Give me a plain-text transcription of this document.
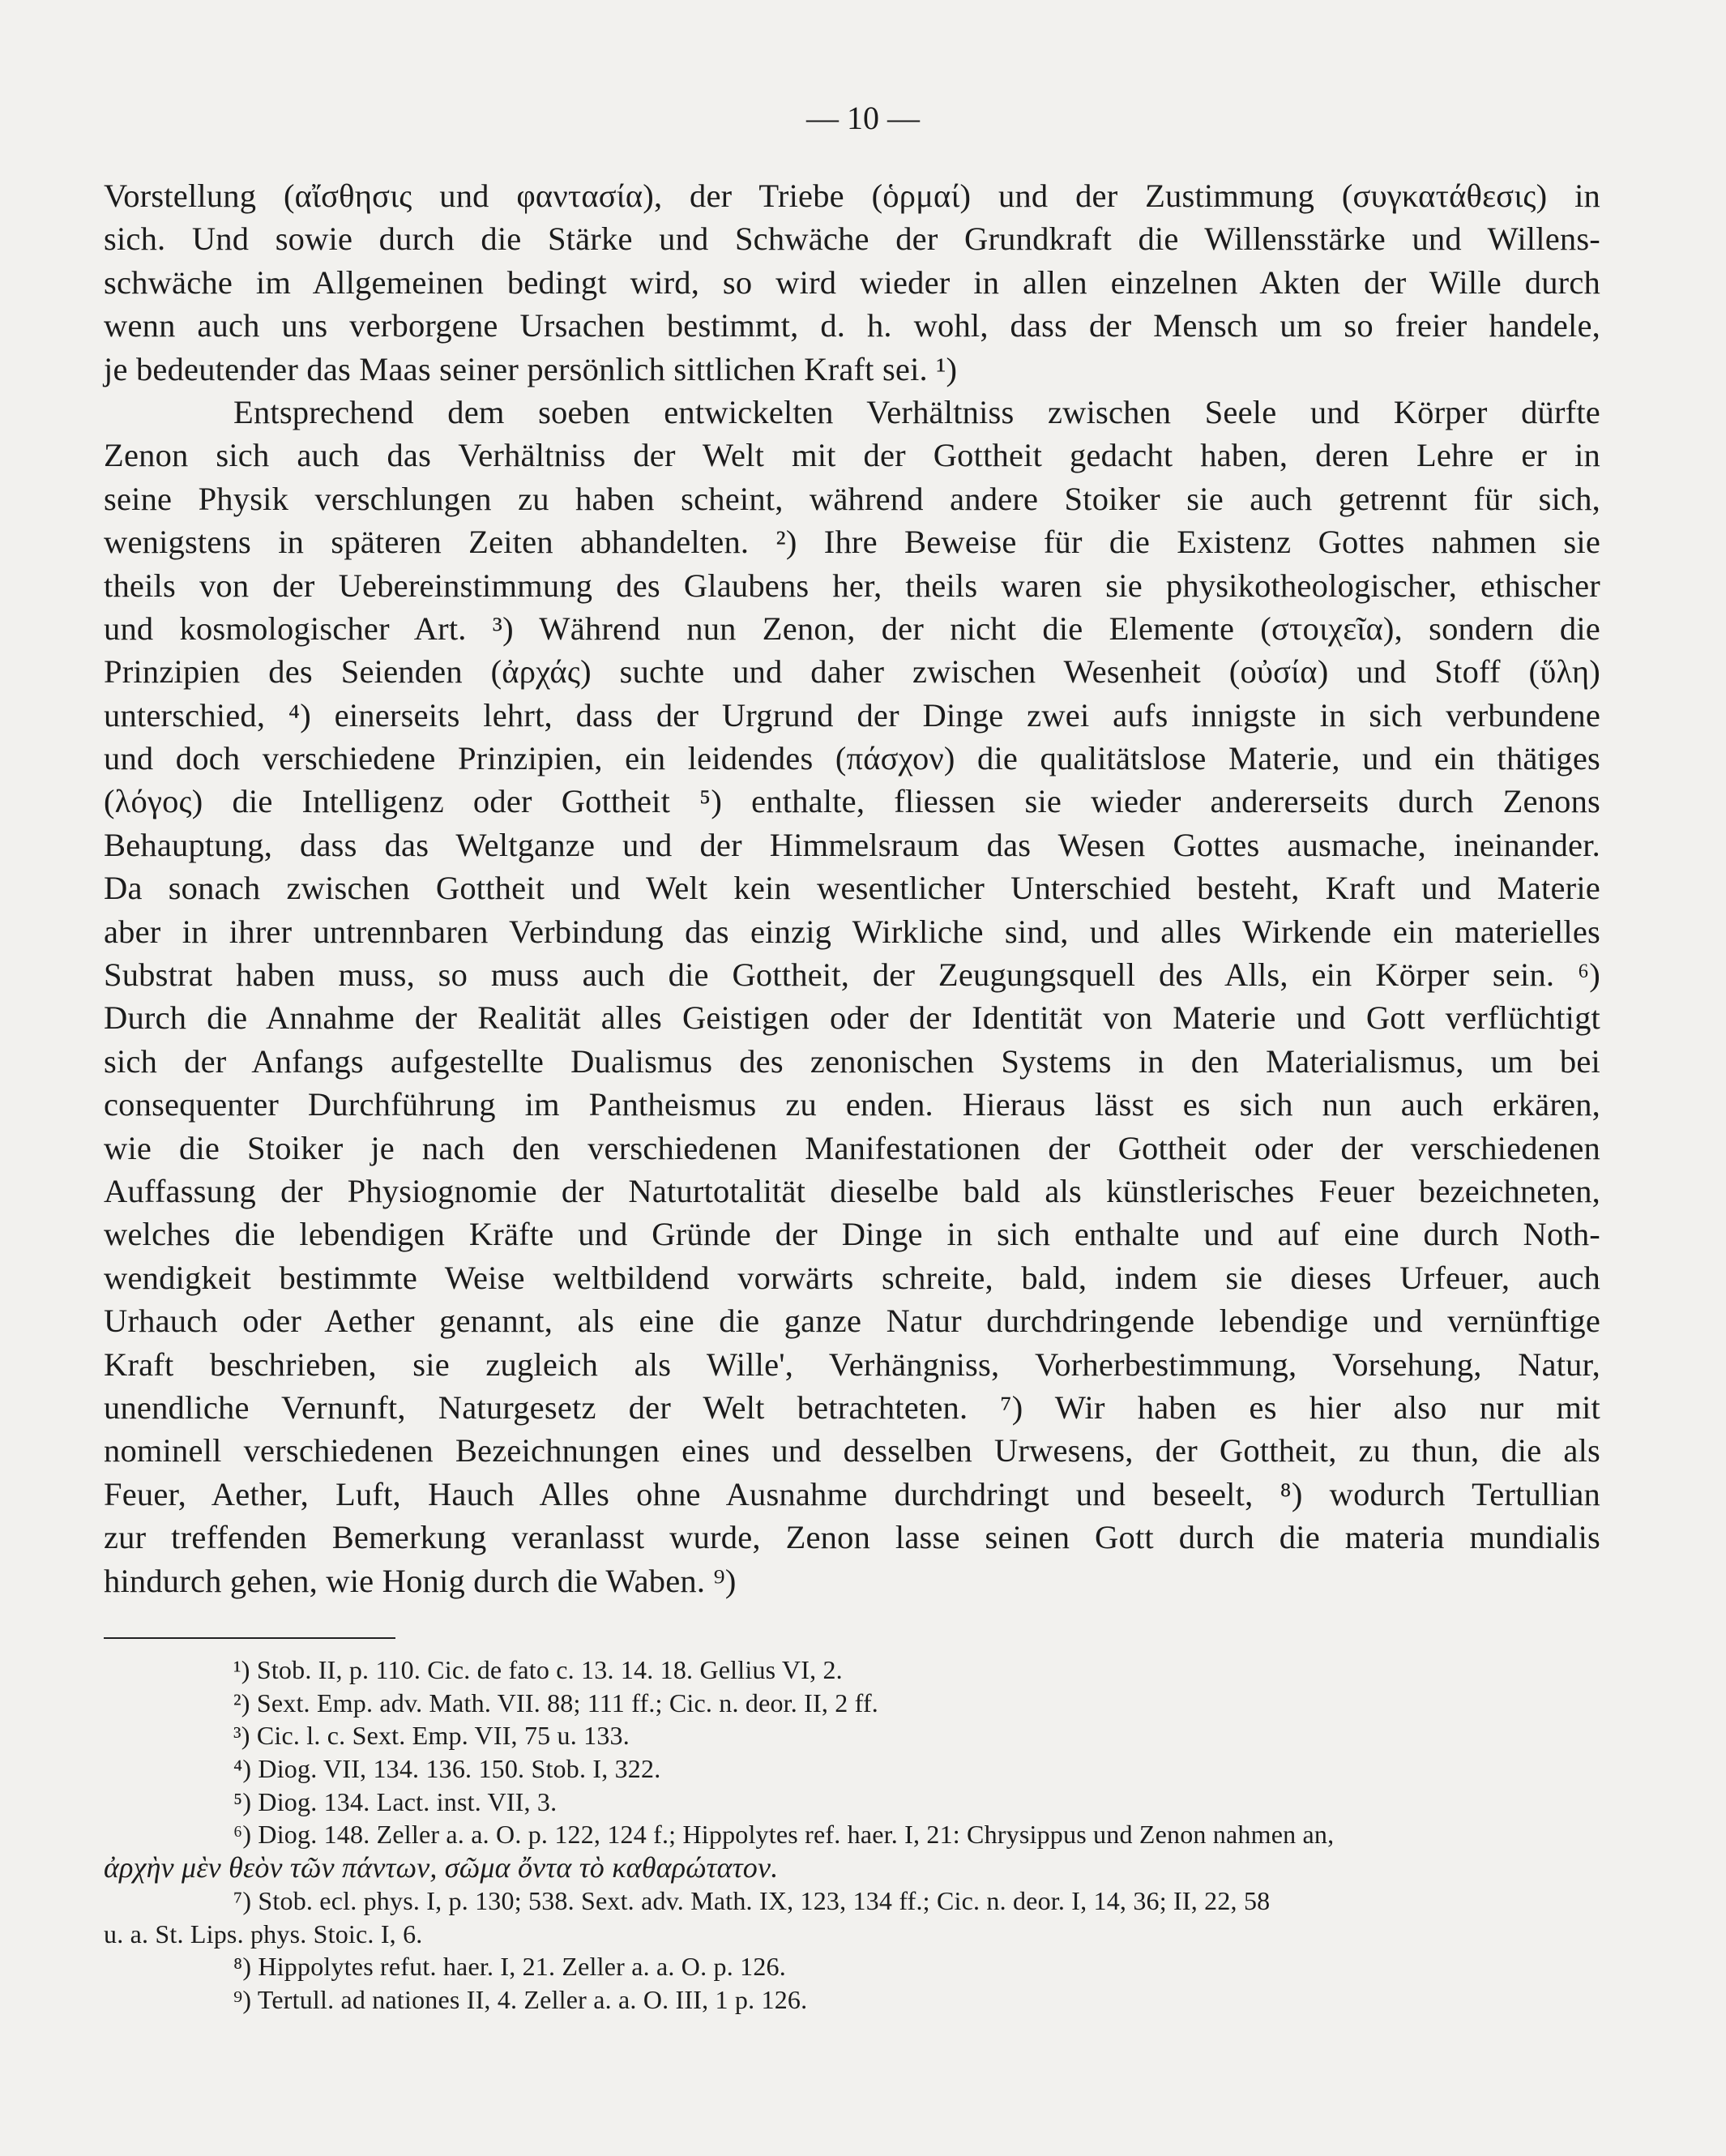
— 10 —
Vorstellung (αἴσθησις und φαντασία), der Triebe (ὁρμαί) und der Zustimmung (συγκατάθεσις) in
sich. Und sowie durch die Stärke und Schwäche der Grundkraft die Willensstärke und Willens-
schwäche im Allgemeinen bedingt wird, so wird wieder in allen einzelnen Akten der Wille durch
wenn auch uns verborgene Ursachen bestimmt, d. h. wohl, dass der Mensch um so freier handele,
je bedeutender das Maas seiner persönlich sittlichen Kraft sei. ¹)
Entsprechend dem soeben entwickelten Verhältniss zwischen Seele und Körper dürfte
Zenon sich auch das Verhältniss der Welt mit der Gottheit gedacht haben, deren Lehre er in
seine Physik verschlungen zu haben scheint, während andere Stoiker sie auch getrennt für sich,
wenigstens in späteren Zeiten abhandelten. ²) Ihre Beweise für die Existenz Gottes nahmen sie
theils von der Uebereinstimmung des Glaubens her, theils waren sie physikotheologischer, ethischer
und kosmologischer Art. ³) Während nun Zenon, der nicht die Elemente (στοιχεῖα), sondern die
Prinzipien des Seienden (ἀρχάς) suchte und daher zwischen Wesenheit (οὐσία) und Stoff (ὕλη)
unterschied, ⁴) einerseits lehrt, dass der Urgrund der Dinge zwei aufs innigste in sich verbundene
und doch verschiedene Prinzipien, ein leidendes (πάσχον) die qualitätslose Materie, und ein thätiges
(λόγος) die Intelligenz oder Gottheit ⁵) enthalte, fliessen sie wieder andererseits durch Zenons
Behauptung, dass das Weltganze und der Himmelsraum das Wesen Gottes ausmache, ineinander.
Da sonach zwischen Gottheit und Welt kein wesentlicher Unterschied besteht, Kraft und Materie
aber in ihrer untrennbaren Verbindung das einzig Wirkliche sind, und alles Wirkende ein materielles
Substrat haben muss, so muss auch die Gottheit, der Zeugungsquell des Alls, ein Körper sein. ⁶)
Durch die Annahme der Realität alles Geistigen oder der Identität von Materie und Gott verflüchtigt
sich der Anfangs aufgestellte Dualismus des zenonischen Systems in den Materialismus, um bei
consequenter Durchführung im Pantheismus zu enden. Hieraus lässt es sich nun auch erkären,
wie die Stoiker je nach den verschiedenen Manifestationen der Gottheit oder der verschiedenen
Auffassung der Physiognomie der Naturtotalität dieselbe bald als künstlerisches Feuer bezeichneten,
welches die lebendigen Kräfte und Gründe der Dinge in sich enthalte und auf eine durch Noth-
wendigkeit bestimmte Weise weltbildend vorwärts schreite, bald, indem sie dieses Urfeuer, auch
Urhauch oder Aether genannt, als eine die ganze Natur durchdringende lebendige und vernünftige
Kraft beschrieben, sie zugleich als Wille', Verhängniss, Vorherbestimmung, Vorsehung, Natur,
unendliche Vernunft, Naturgesetz der Welt betrachteten. ⁷) Wir haben es hier also nur mit
nominell verschiedenen Bezeichnungen eines und desselben Urwesens, der Gottheit, zu thun, die als
Feuer, Aether, Luft, Hauch Alles ohne Ausnahme durchdringt und beseelt, ⁸) wodurch Tertullian
zur treffenden Bemerkung veranlasst wurde, Zenon lasse seinen Gott durch die materia mundialis
hindurch gehen, wie Honig durch die Waben. ⁹)
¹) Stob. II, p. 110. Cic. de fato c. 13. 14. 18. Gellius VI, 2.
²) Sext. Emp. adv. Math. VII. 88; 111 ff.; Cic. n. deor. II, 2 ff.
³) Cic. l. c. Sext. Emp. VII, 75 u. 133.
⁴) Diog. VII, 134. 136. 150. Stob. I, 322.
⁵) Diog. 134. Lact. inst. VII, 3.
⁶) Diog. 148. Zeller a. a. O. p. 122, 124 f.; Hippolytes ref. haer. I, 21: Chrysippus und Zenon nahmen an,
ἀρχὴν μὲν θεὸν τῶν πάντων, σῶμα ὄντα τὸ καθαρώτατον.
⁷) Stob. ecl. phys. I, p. 130; 538. Sext. adv. Math. IX, 123, 134 ff.; Cic. n. deor. I, 14, 36; II, 22, 58
u. a. St. Lips. phys. Stoic. I, 6.
⁸) Hippolytes refut. haer. I, 21. Zeller a. a. O. p. 126.
⁹) Tertull. ad nationes II, 4. Zeller a. a. O. III, 1 p. 126.
